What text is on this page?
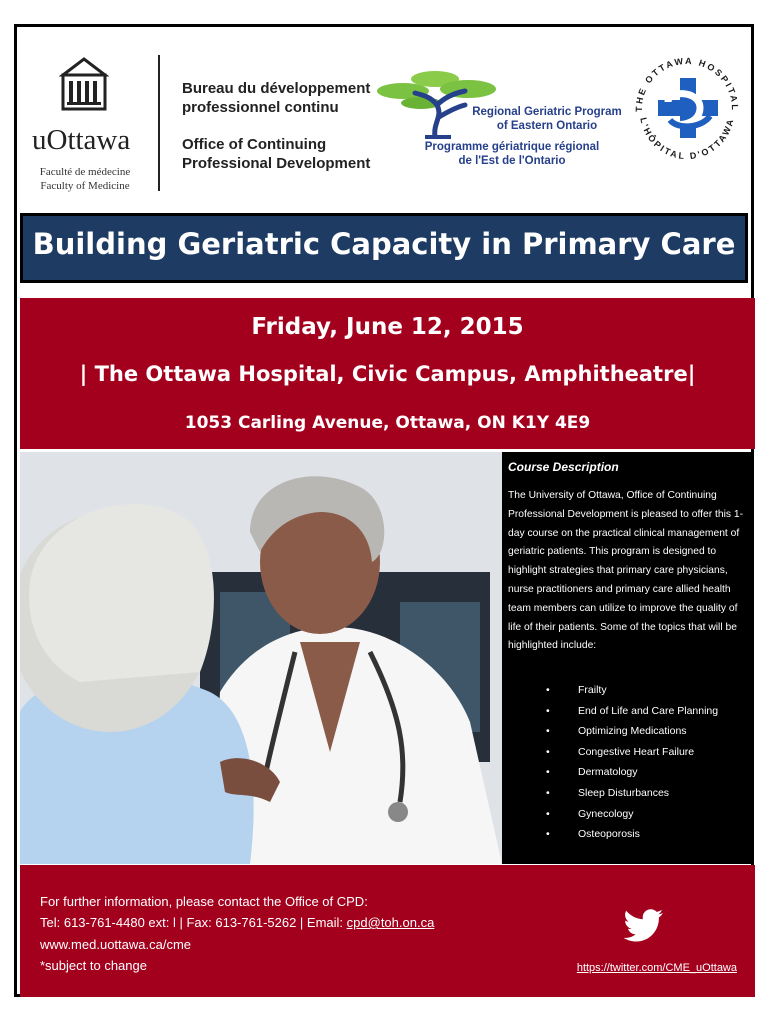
uOttawa
Faculté de médecine
Faculty of Medicine
Bureau du développement
professionnel continu
Office of Continuing
Professional Development
Regional Geriatric Program
of Eastern Ontario
Programme gériatrique régional
de l'Est de l'Ontario
THE OTTAWA HOSPITAL
L'HÔPITAL D'OTTAWA
Building Geriatric Capacity in Primary Care
Friday, June 12, 2015
| The Ottawa Hospital, Civic Campus, Amphitheatre|
1053 Carling Avenue, Ottawa, ON K1Y 4E9
Course Description
The University of Ottawa, Office of Continuing Professional Development is pleased to offer this 1-day course on the practical clinical management of geriatric patients. This program is designed to highlight strategies that primary care physicians, nurse practitioners and primary care allied health team members can utilize to improve the quality of life of their patients. Some of the topics that will be highlighted include:
•	Frailty
•	End of Life and Care Planning
•	Optimizing Medications
•	Congestive Heart Failure
•	Dermatology
•	Sleep Disturbances
•	Gynecology
•	Osteoporosis
For further information, please contact the Office of CPD:
Tel: 613-761-4480 ext: l | Fax: 613-761-5262 | Email: cpd@toh.on.ca
www.med.uottawa.ca/cme
*subject to change	https://twitter.com/CME_uOttawa
